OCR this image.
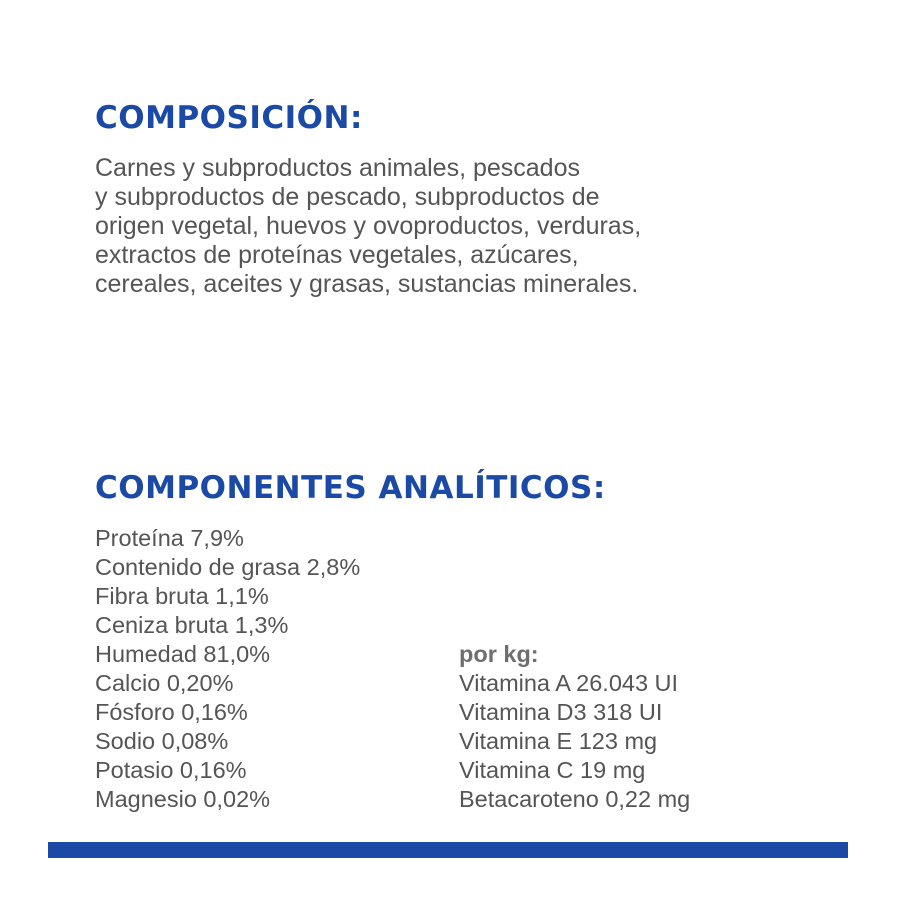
COMPOSICIÓN:
Carnes y subproductos animales, pescados
y subproductos de pescado, subproductos de
origen vegetal, huevos y ovoproductos, verduras,
extractos de proteínas vegetales, azúcares,
cereales, aceites y grasas, sustancias minerales.
COMPONENTES ANALÍTICOS:
Proteína 7,9%
Contenido de grasa 2,8%
Fibra bruta 1,1%
Ceniza bruta 1,3%
Humedad 81,0%
Calcio 0,20%
Fósforo 0,16%
Sodio 0,08%
Potasio 0,16%
Magnesio 0,02%
por kg:
Vitamina A 26.043 UI
Vitamina D3 318 UI
Vitamina E 123 mg
Vitamina C 19 mg
Betacaroteno 0,22 mg
